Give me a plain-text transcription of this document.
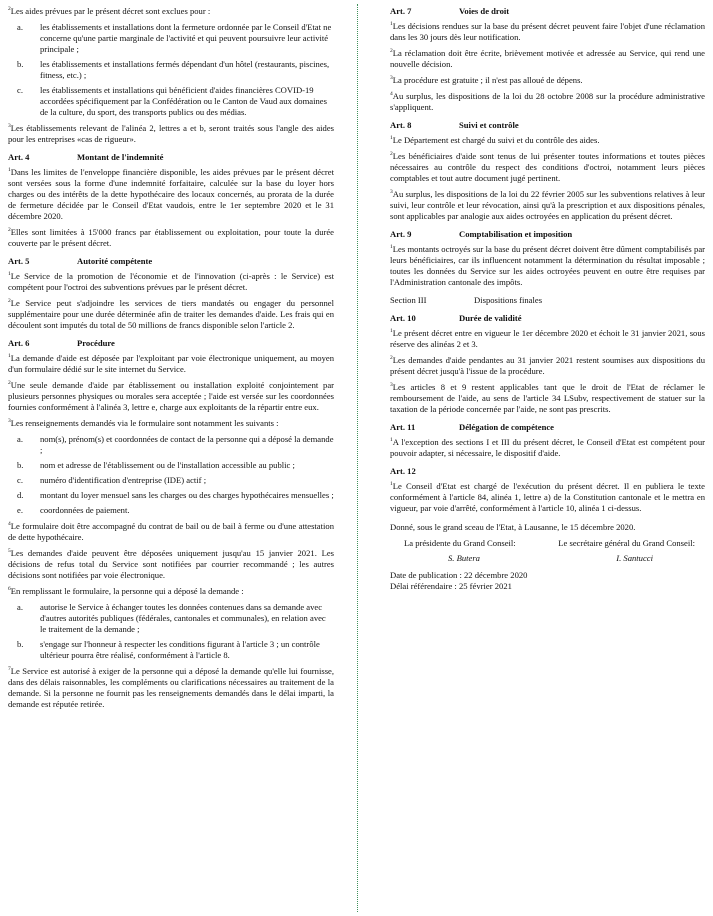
$^2$Les aides prévues par le présent décret sont exclues pour :

a.	les établissements et installations dont la fermeture ordonnée par le Conseil d'Etat ne concerne qu'une partie marginale de l'activité et qui peuvent poursuivre leur activité principale ;
b.	les établissements et installations fermés dépendant d'un hôtel (restaurants, piscines, fitness, etc.) ;
c.	les établissements et installations qui bénéficient d'aides financières COVID-19 accordées spécifiquement par la Confédération ou le Canton de Vaud aux domaines de la culture, du sport, des transports publics ou des médias.

$^3$Les établissements relevant de l'alinéa 2, lettres a et b, seront traités sous l'angle des aides pour les entreprises «cas de rigueur».

Art. 4	Montant de l'indemnité

$^1$Dans les limites de l'enveloppe financière disponible, les aides prévues par le présent décret sont versées sous la forme d'une indemnité forfaitaire, calculée sur la base du loyer hors charges ou des intérêts de la dette hypothécaire des locaux concernés, au prorata de la durée de fermeture décidée par le Conseil d'Etat vaudois, entre le 1er septembre 2020 et le 31 décembre 2020.

$^2$Elles sont limitées à 15'000 francs par établissement ou exploitation, pour toute la durée couverte par le présent décret.

Art. 5	Autorité compétente

$^1$Le Service de la promotion de l'économie et de l'innovation (ci-après : le Service) est compétent pour l'octroi des subventions prévues par le présent décret.

$^2$Le Service peut s'adjoindre les services de tiers mandatés ou engager du personnel supplémentaire pour une durée déterminée afin de traiter les demandes d'aide. Les frais qui en découlent sont imputés du total de 50 millions de francs disponible selon l'article 2.

Art. 6	Procédure

$^1$La demande d'aide est déposée par l'exploitant par voie électronique uniquement, au moyen d'un formulaire dédié sur le site internet du Service.

$^2$Une seule demande d'aide par établissement ou installation exploité conjointement par plusieurs personnes physiques ou morales sera acceptée ; l'aide est versée sur les coordonnées fournies conformément à l'alinéa 3, lettre e, charge aux exploitants de la répartir entre eux.

$^3$Les renseignements demandés via le formulaire sont notamment les suivants :

a.	nom(s), prénom(s) et coordonnées de contact de la personne qui a déposé la demande ;
b.	nom et adresse de l'établissement ou de l'installation accessible au public ;
c.	numéro d'identification d'entreprise (IDE) actif ;
d.	montant du loyer mensuel sans les charges ou des charges hypothécaires mensuelles ;
e.	coordonnées de paiement.

$^4$Le formulaire doit être accompagné du contrat de bail ou de bail à ferme ou d'une attestation de dette hypothécaire.

$^5$Les demandes d'aide peuvent être déposées uniquement jusqu'au 15 janvier 2021. Les décisions de refus total du Service sont notifiées par courrier recommandé ; les autres décisions sont notifiées par voie électronique.

$^6$En remplissant le formulaire, la personne qui a déposé la demande :

a.	autorise le Service à échanger toutes les données contenues dans sa demande avec d'autres autorités publiques (fédérales, cantonales et communales), en relation avec le traitement de la demande ;
b.	s'engage sur l'honneur à respecter les conditions figurant à l'article 3 ; un contrôle ultérieur pourra être réalisé, conformément à l'article 8.

$^7$Le Service est autorisé à exiger de la personne qui a déposé la demande qu'elle lui fournisse, dans des délais raisonnables, les compléments ou clarifications nécessaires au traitement de la demande. Si la personne ne fournit pas les renseignements demandés dans le délai imparti, la demande est réputée retirée.

Art. 7	Voies de droit

$^1$Les décisions rendues sur la base du présent décret peuvent faire l'objet d'une réclamation dans les 30 jours dès leur notification.

$^2$La réclamation doit être écrite, brièvement motivée et adressée au Service, qui rend une nouvelle décision.

$^3$La procédure est gratuite ; il n'est pas alloué de dépens.

$^4$Au surplus, les dispositions de la loi du 28 octobre 2008 sur la procédure administrative s'appliquent.

Art. 8	Suivi et contrôle

$^1$Le Département est chargé du suivi et du contrôle des aides.

$^2$Les bénéficiaires d'aide sont tenus de lui présenter toutes informations et toutes pièces nécessaires au contrôle du respect des conditions d'octroi, notamment leurs pièces comptables et tout autre document jugé pertinent.

$^3$Au surplus, les dispositions de la loi du 22 février 2005 sur les subventions relatives à leur suivi, leur contrôle et leur révocation, ainsi qu'à la prescription et aux dispositions pénales, sont applicables par analogie aux aides octroyées en application du présent décret.

Art. 9	Comptabilisation et imposition

$^1$Les montants octroyés sur la base du présent décret doivent être dûment comptabilisés par leurs bénéficiaires, car ils influencent notamment la détermination du résultat imposable ; toutes les données du Service sur les aides octroyées peuvent en outre être requises par l'Administration cantonale des impôts.

Section III	Dispositions finales
Art. 10	Durée de validité

$^1$Le présent décret entre en vigueur le 1er décembre 2020 et échoit le 31 janvier 2021, sous réserve des alinéas 2 et 3.

$^2$Les demandes d'aide pendantes au 31 janvier 2021 restent soumises aux dispositions du présent décret jusqu'à l'issue de la procédure.

$^3$Les articles 8 et 9 restent applicables tant que le droit de l'Etat de réclamer le remboursement de l'aide, au sens de l'article 34 LSubv, respectivement de statuer sur la taxation de la période concernée par l'aide, ne sont pas prescrits.

Art. 11	Délégation de compétence

$^1$A l'exception des sections I et III du présent décret, le Conseil d'Etat est compétent pour pouvoir adapter, si nécessaire, le dispositif d'aide.

Art. 12

$^1$Le Conseil d'Etat est chargé de l'exécution du présent décret. Il en publiera le texte conformément à l'article 84, alinéa 1, lettre a) de la Constitution cantonale et le mettra en vigueur, par voie d'arrêté, conformément à l'article 10, alinéa 1 ci-dessus.

Donné, sous le grand sceau de l'Etat, à Lausanne, le 15 décembre 2020.

La présidente du Grand Conseil:	Le secrétaire général du Grand Conseil:
S. Butera	I. Santucci
Date de publication : 22 décembre 2020
Délai référendaire : 25 février 2021
